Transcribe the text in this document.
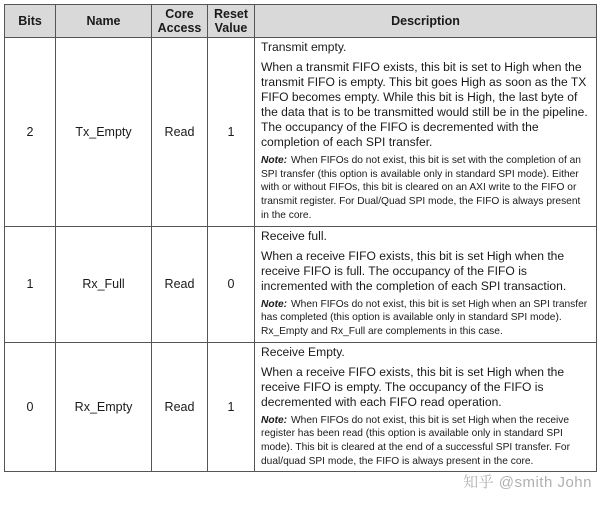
Bits	Name	Core Access	Reset Value	Description
2	Tx_Empty	Read	1	Transmit empty.
When a transmit FIFO exists, this bit is set to High when the transmit FIFO is empty. This bit goes High as soon as the TX FIFO becomes empty. While this bit is High, the last byte of the data that is to be transmitted would still be in the pipeline. The occupancy of the FIFO is decremented with the completion of each SPI transfer.
Note: When FIFOs do not exist, this bit is set with the completion of an SPI transfer (this option is available only in standard SPI mode). Either with or without FIFOs, this bit is cleared on an AXI write to the FIFO or transmit register. For Dual/Quad SPI mode, the FIFO is always present in the core.

1	Rx_Full	Read	0	Receive full.
When a receive FIFO exists, this bit is set High when the receive FIFO is full. The occupancy of the FIFO is incremented with the completion of each SPI transaction.
Note: When FIFOs do not exist, this bit is set High when an SPI transfer has completed (this option is available only in standard SPI mode). Rx_Empty and Rx_Full are complements in this case.

0	Rx_Empty	Read	1	Receive Empty.
When a receive FIFO exists, this bit is set High when the receive FIFO is empty. The occupancy of the FIFO is decremented with each FIFO read operation.
Note: When FIFOs do not exist, this bit is set High when the receive register has been read (this option is available only in standard SPI mode). This bit is cleared at the end of a successful SPI transfer. For dual/quad SPI mode, the FIFO is always present in the core.
知乎 @smith John
